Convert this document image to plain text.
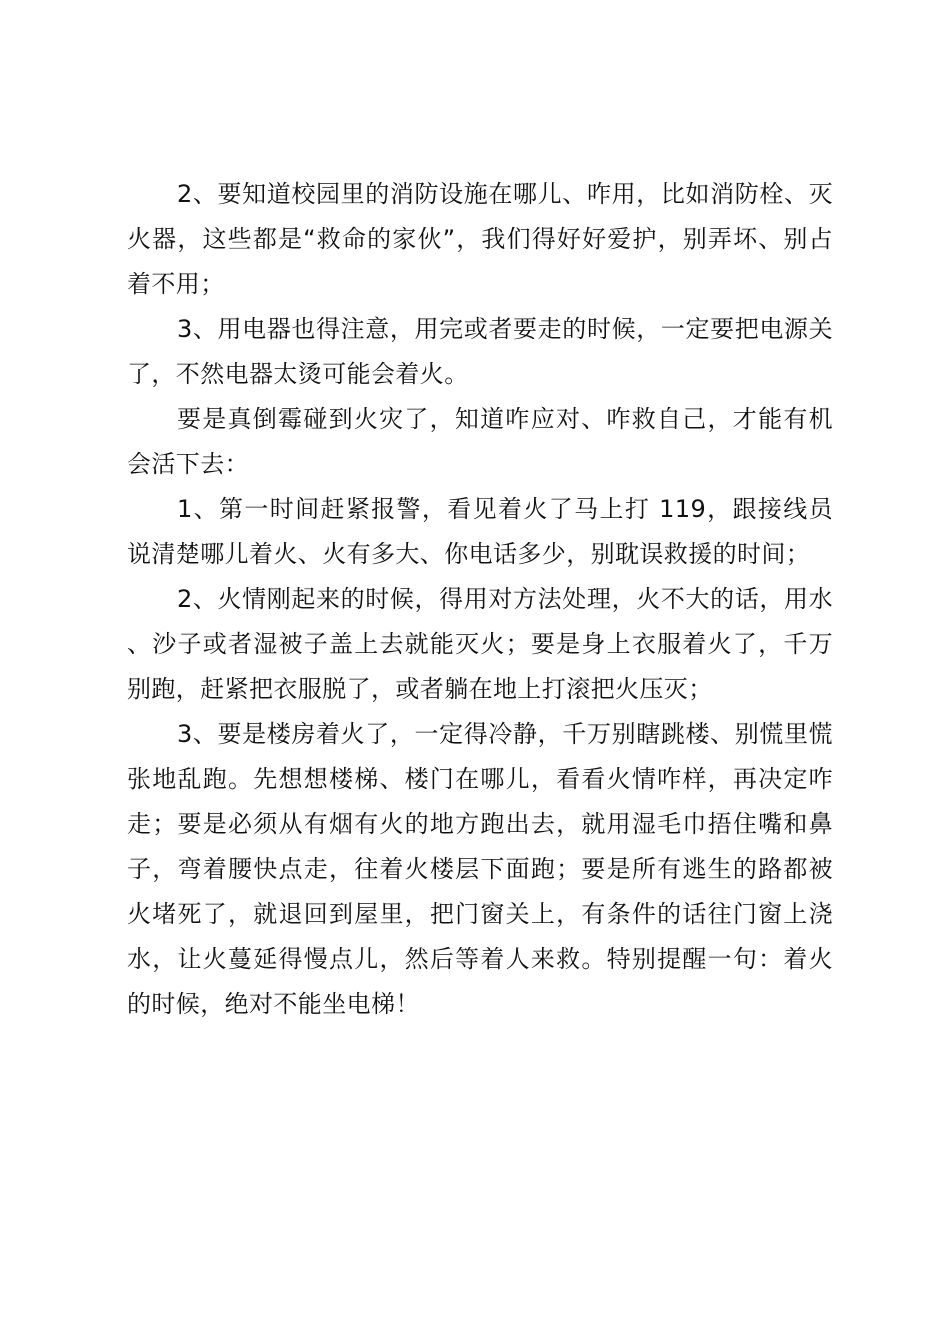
2、要知道校园里的消防设施在哪儿、咋用，比如消防栓、灭火器，这些都是“救命的家伙”，我们得好好爱护，别弄坏、别占着不用；

3、用电器也得注意，用完或者要走的时候，一定要把电源关了，不然电器太烫可能会着火。

要是真倒霉碰到火灾了，知道咋应对、咋救自己，才能有机会活下去：

1、第一时间赶紧报警，看见着火了马上打 119，跟接线员说清楚哪儿着火、火有多大、你电话多少，别耽误救援的时间；

2、火情刚起来的时候，得用对方法处理，火不大的话，用水、沙子或者湿被子盖上去就能灭火；要是身上衣服着火了，千万别跑，赶紧把衣服脱了，或者躺在地上打滚把火压灭；

3、要是楼房着火了，一定得冷静，千万别瞎跳楼、别慌里慌张地乱跑。先想想楼梯、楼门在哪儿，看看火情咋样，再决定咋走；要是必须从有烟有火的地方跑出去，就用湿毛巾捂住嘴和鼻子，弯着腰快点走，往着火楼层下面跑；要是所有逃生的路都被火堵死了，就退回到屋里，把门窗关上，有条件的话往门窗上浇水，让火蔓延得慢点儿，然后等着人来救。特别提醒一句：着火的时候，绝对不能坐电梯！
